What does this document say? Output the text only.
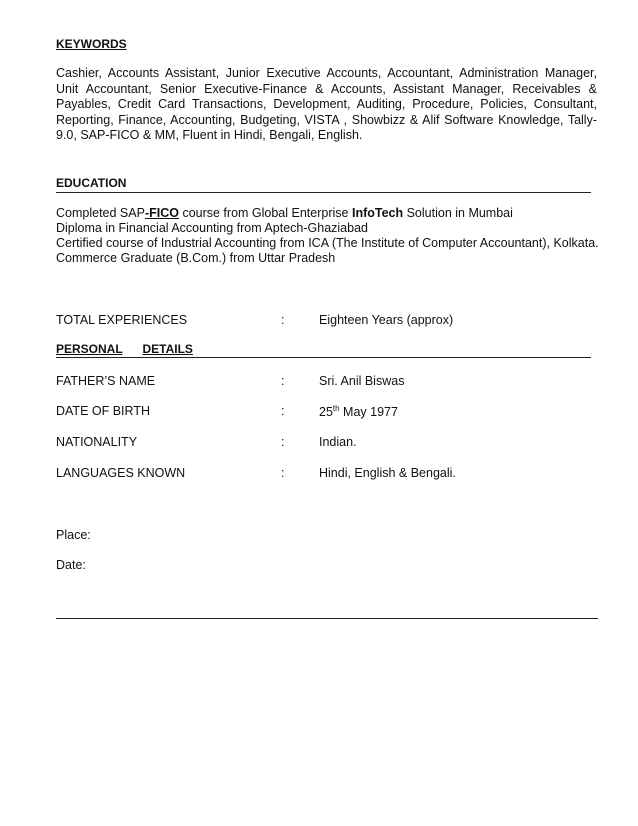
KEYWORDS
Cashier, Accounts Assistant, Junior Executive Accounts, Accountant, Administration Manager, Unit Accountant, Senior Executive-Finance & Accounts, Assistant Manager, Receivables & Payables, Credit Card Transactions, Development, Auditing, Procedure, Policies, Consultant, Reporting, Finance, Accounting, Budgeting, VISTA , Showbizz & Alif Software Knowledge, Tally-9.0, SAP-FICO & MM, Fluent in Hindi, Bengali, English.
EDUCATION
Completed SAP-FICO course from Global Enterprise InfoTech Solution in Mumbai
Diploma in Financial Accounting from Aptech-Ghaziabad
Certified course of Industrial Accounting from ICA (The Institute of Computer Accountant), Kolkata.
Commerce Graduate (B.Com.) from Uttar Pradesh
TOTAL EXPERIENCES	:	Eighteen Years (approx)
PERSONAL DETAILS
FATHER’S NAME	:	Sri. Anil Biswas
DATE OF BIRTH	:	25th May 1977
NATIONALITY	:	Indian.
LANGUAGES KNOWN	:	Hindi, English & Bengali.
Place:
Date:
